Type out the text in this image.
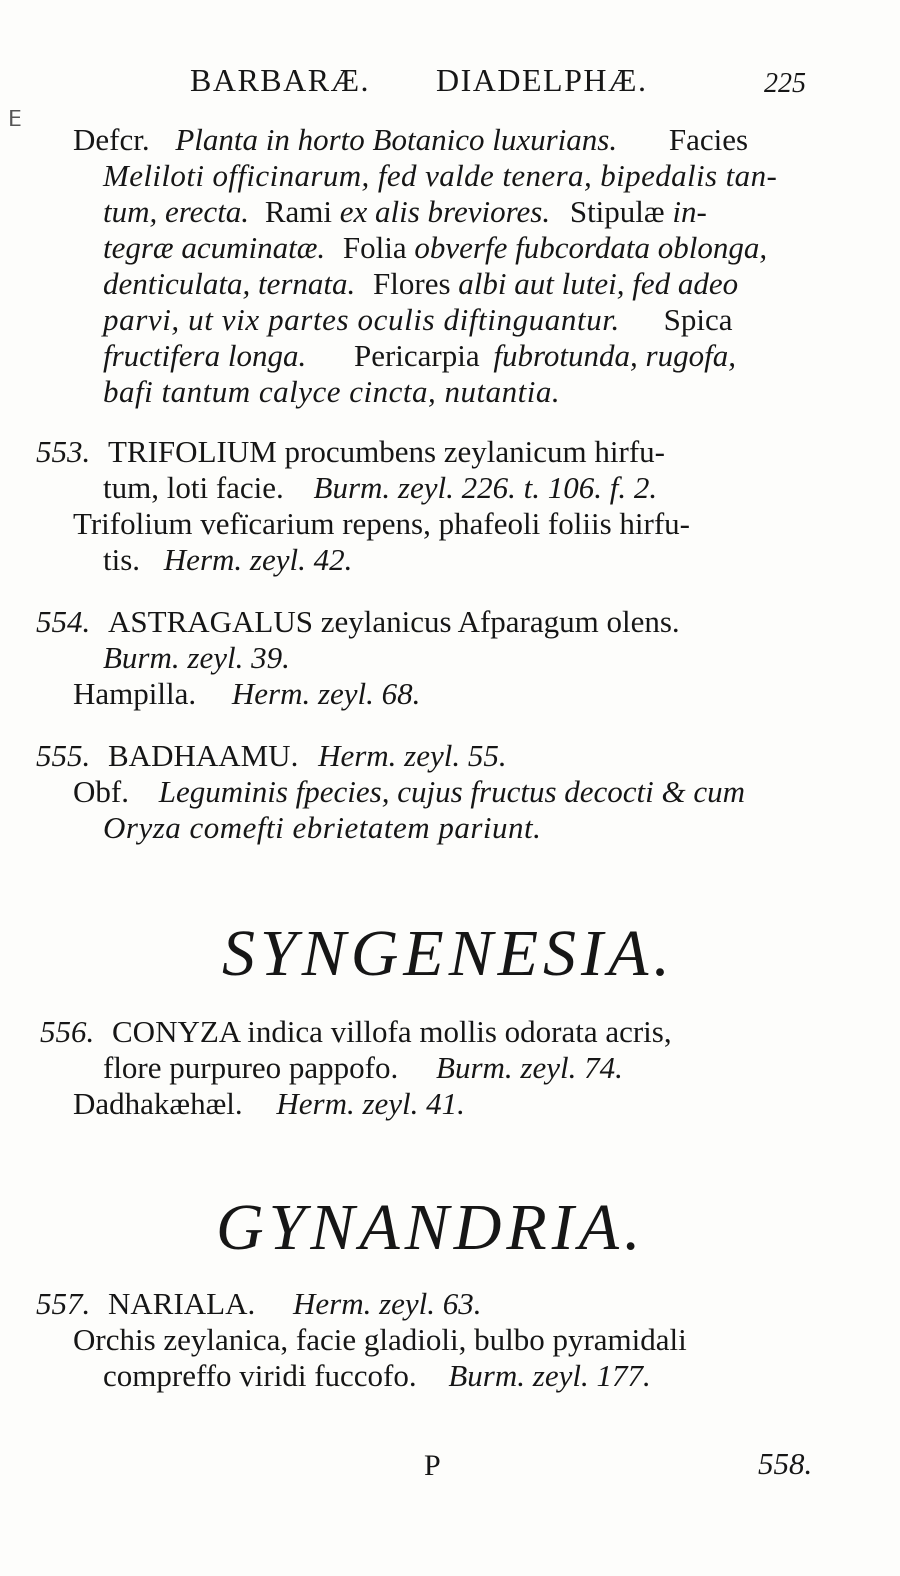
BARBARÆ. DIADELPHÆ.	225
ⴹ
Defcr. Planta in horto Botanico luxurians. Facies
Meliloti officinarum, fed valde tenera, bipedalis tan-
tum, erecta. Rami ex alis breviores. Stipulæ in-
tegræ acuminatæ. Folia obverfe fubcordata oblonga,
denticulata, ternata. Flores albi aut lutei, fed adeo
parvi, ut vix partes oculis diftinguantur. Spica
fructifera longa. Pericarpia fubrotunda, rugofa,
bafi tantum calyce cincta, nutantia.
553. TRIFOLIUM procumbens zeylanicum hirfu-
tum, loti facie. Burm. zeyl. 226. t. 106. f. 2.
Trifolium vefïcarium repens, phafeoli foliis hirfu-
tis. Herm. zeyl. 42.
554. ASTRAGALUS zeylanicus Afparagum olens.
Burm. zeyl. 39.
Hampilla. Herm. zeyl. 68.
555. BADHAAMU. Herm. zeyl. 55.
Obf. Leguminis fpecies, cujus fructus decocti & cum
Oryza comefti ebrietatem pariunt.
SYNGENESIA.
556. CONYZA indica villofa mollis odorata acris,
flore purpureo pappofo. Burm. zeyl. 74.
Dadhakæhæl. Herm. zeyl. 41.
GYNANDRIA.
557. NARIALA. Herm. zeyl. 63.
Orchis zeylanica, facie gladioli, bulbo pyramidali
compreffo viridi fuccofo. Burm. zeyl. 177.
P	558.
